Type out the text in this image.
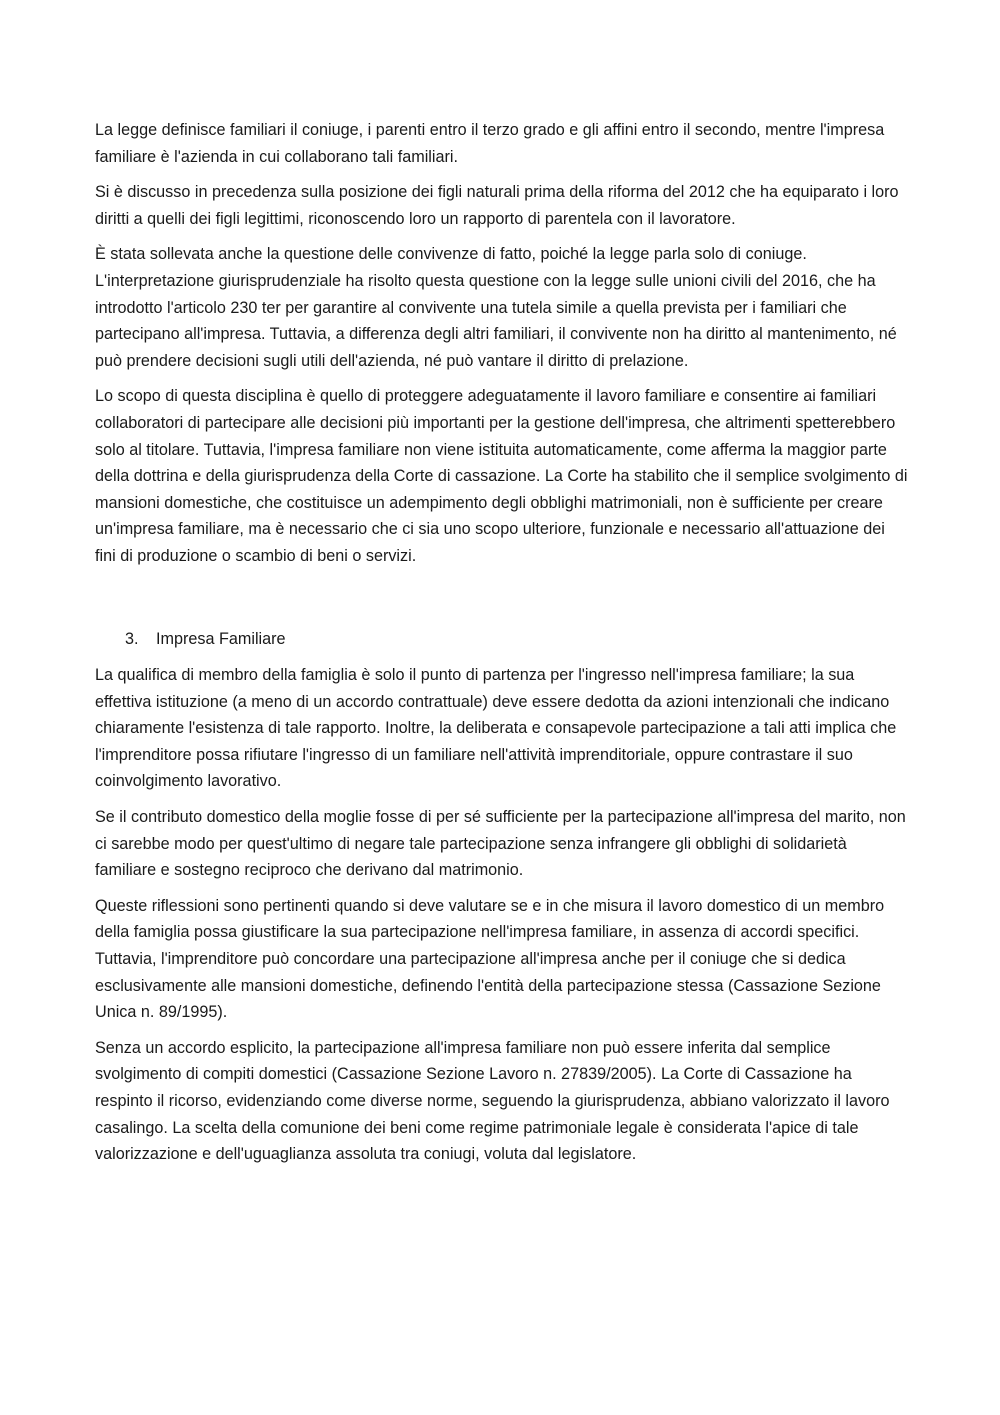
La legge definisce familiari il coniuge, i parenti entro il terzo grado e gli affini entro il secondo, mentre l'impresa familiare è l'azienda in cui collaborano tali familiari.

Si è discusso in precedenza sulla posizione dei figli naturali prima della riforma del 2012 che ha equiparato i loro diritti a quelli dei figli legittimi, riconoscendo loro un rapporto di parentela con il lavoratore.

È stata sollevata anche la questione delle convivenze di fatto, poiché la legge parla solo di coniuge. L'interpretazione giurisprudenziale ha risolto questa questione con la legge sulle unioni civili del 2016, che ha introdotto l'articolo 230 ter per garantire al convivente una tutela simile a quella prevista per i familiari che partecipano all'impresa. Tuttavia, a differenza degli altri familiari, il convivente non ha diritto al mantenimento, né può prendere decisioni sugli utili dell'azienda, né può vantare il diritto di prelazione.

Lo scopo di questa disciplina è quello di proteggere adeguatamente il lavoro familiare e consentire ai familiari collaboratori di partecipare alle decisioni più importanti per la gestione dell'impresa, che altrimenti spetterebbero solo al titolare. Tuttavia, l'impresa familiare non viene istituita automaticamente, come afferma la maggior parte della dottrina e della giurisprudenza della Corte di cassazione. La Corte ha stabilito che il semplice svolgimento di mansioni domestiche, che costituisce un adempimento degli obblighi matrimoniali, non è sufficiente per creare un'impresa familiare, ma è necessario che ci sia uno scopo ulteriore, funzionale e necessario all'attuazione dei fini di produzione o scambio di beni o servizi.

3.	Impresa Familiare

La qualifica di membro della famiglia è solo il punto di partenza per l'ingresso nell'impresa familiare; la sua effettiva istituzione (a meno di un accordo contrattuale) deve essere dedotta da azioni intenzionali che indicano chiaramente l'esistenza di tale rapporto. Inoltre, la deliberata e consapevole partecipazione a tali atti implica che l'imprenditore possa rifiutare l'ingresso di un familiare nell'attività imprenditoriale, oppure contrastare il suo coinvolgimento lavorativo.

Se il contributo domestico della moglie fosse di per sé sufficiente per la partecipazione all'impresa del marito, non ci sarebbe modo per quest'ultimo di negare tale partecipazione senza infrangere gli obblighi di solidarietà familiare e sostegno reciproco che derivano dal matrimonio.

Queste riflessioni sono pertinenti quando si deve valutare se e in che misura il lavoro domestico di un membro della famiglia possa giustificare la sua partecipazione nell'impresa familiare, in assenza di accordi specifici. Tuttavia, l'imprenditore può concordare una partecipazione all'impresa anche per il coniuge che si dedica esclusivamente alle mansioni domestiche, definendo l'entità della partecipazione stessa (Cassazione Sezione Unica n. 89/1995).

Senza un accordo esplicito, la partecipazione all'impresa familiare non può essere inferita dal semplice svolgimento di compiti domestici (Cassazione Sezione Lavoro n. 27839/2005). La Corte di Cassazione ha respinto il ricorso, evidenziando come diverse norme, seguendo la giurisprudenza, abbiano valorizzato il lavoro casalingo. La scelta della comunione dei beni come regime patrimoniale legale è considerata l'apice di tale valorizzazione e dell'uguaglianza assoluta tra coniugi, voluta dal legislatore.
